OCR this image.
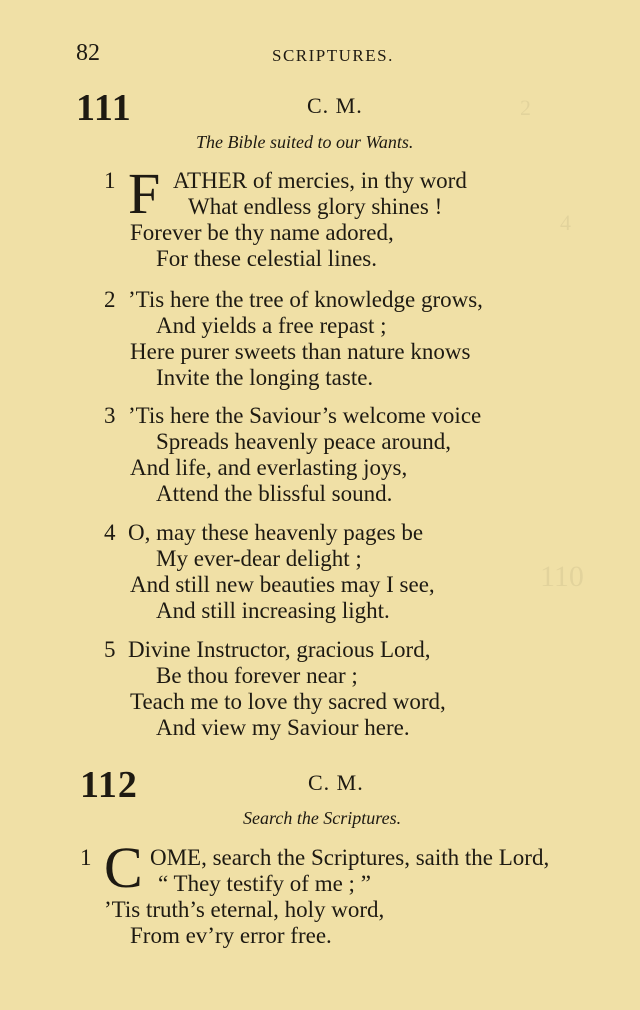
2
4
110
82	SCRIPTURES.
111	C. M.
The Bible suited to our Wants.
1 F ATHER of mercies, in thy word
What endless glory shines !
Forever be thy name adored,
For these celestial lines.
2 ’Tis here the tree of knowledge grows,
And yields a free repast ;
Here purer sweets than nature knows
Invite the longing taste.
3 ’Tis here the Saviour’s welcome voice
Spreads heavenly peace around,
And life, and everlasting joys,
Attend the blissful sound.
4 O, may these heavenly pages be
My ever-dear delight ;
And still new beauties may I see,
And still increasing light.
5 Divine Instructor, gracious Lord,
Be thou forever near ;
Teach me to love thy sacred word,
And view my Saviour here.
112	C. M.
Search the Scriptures.
1 C OME, search the Scriptures, saith the Lord,
“ They testify of me ; ”
’Tis truth’s eternal, holy word,
From ev’ry error free.
